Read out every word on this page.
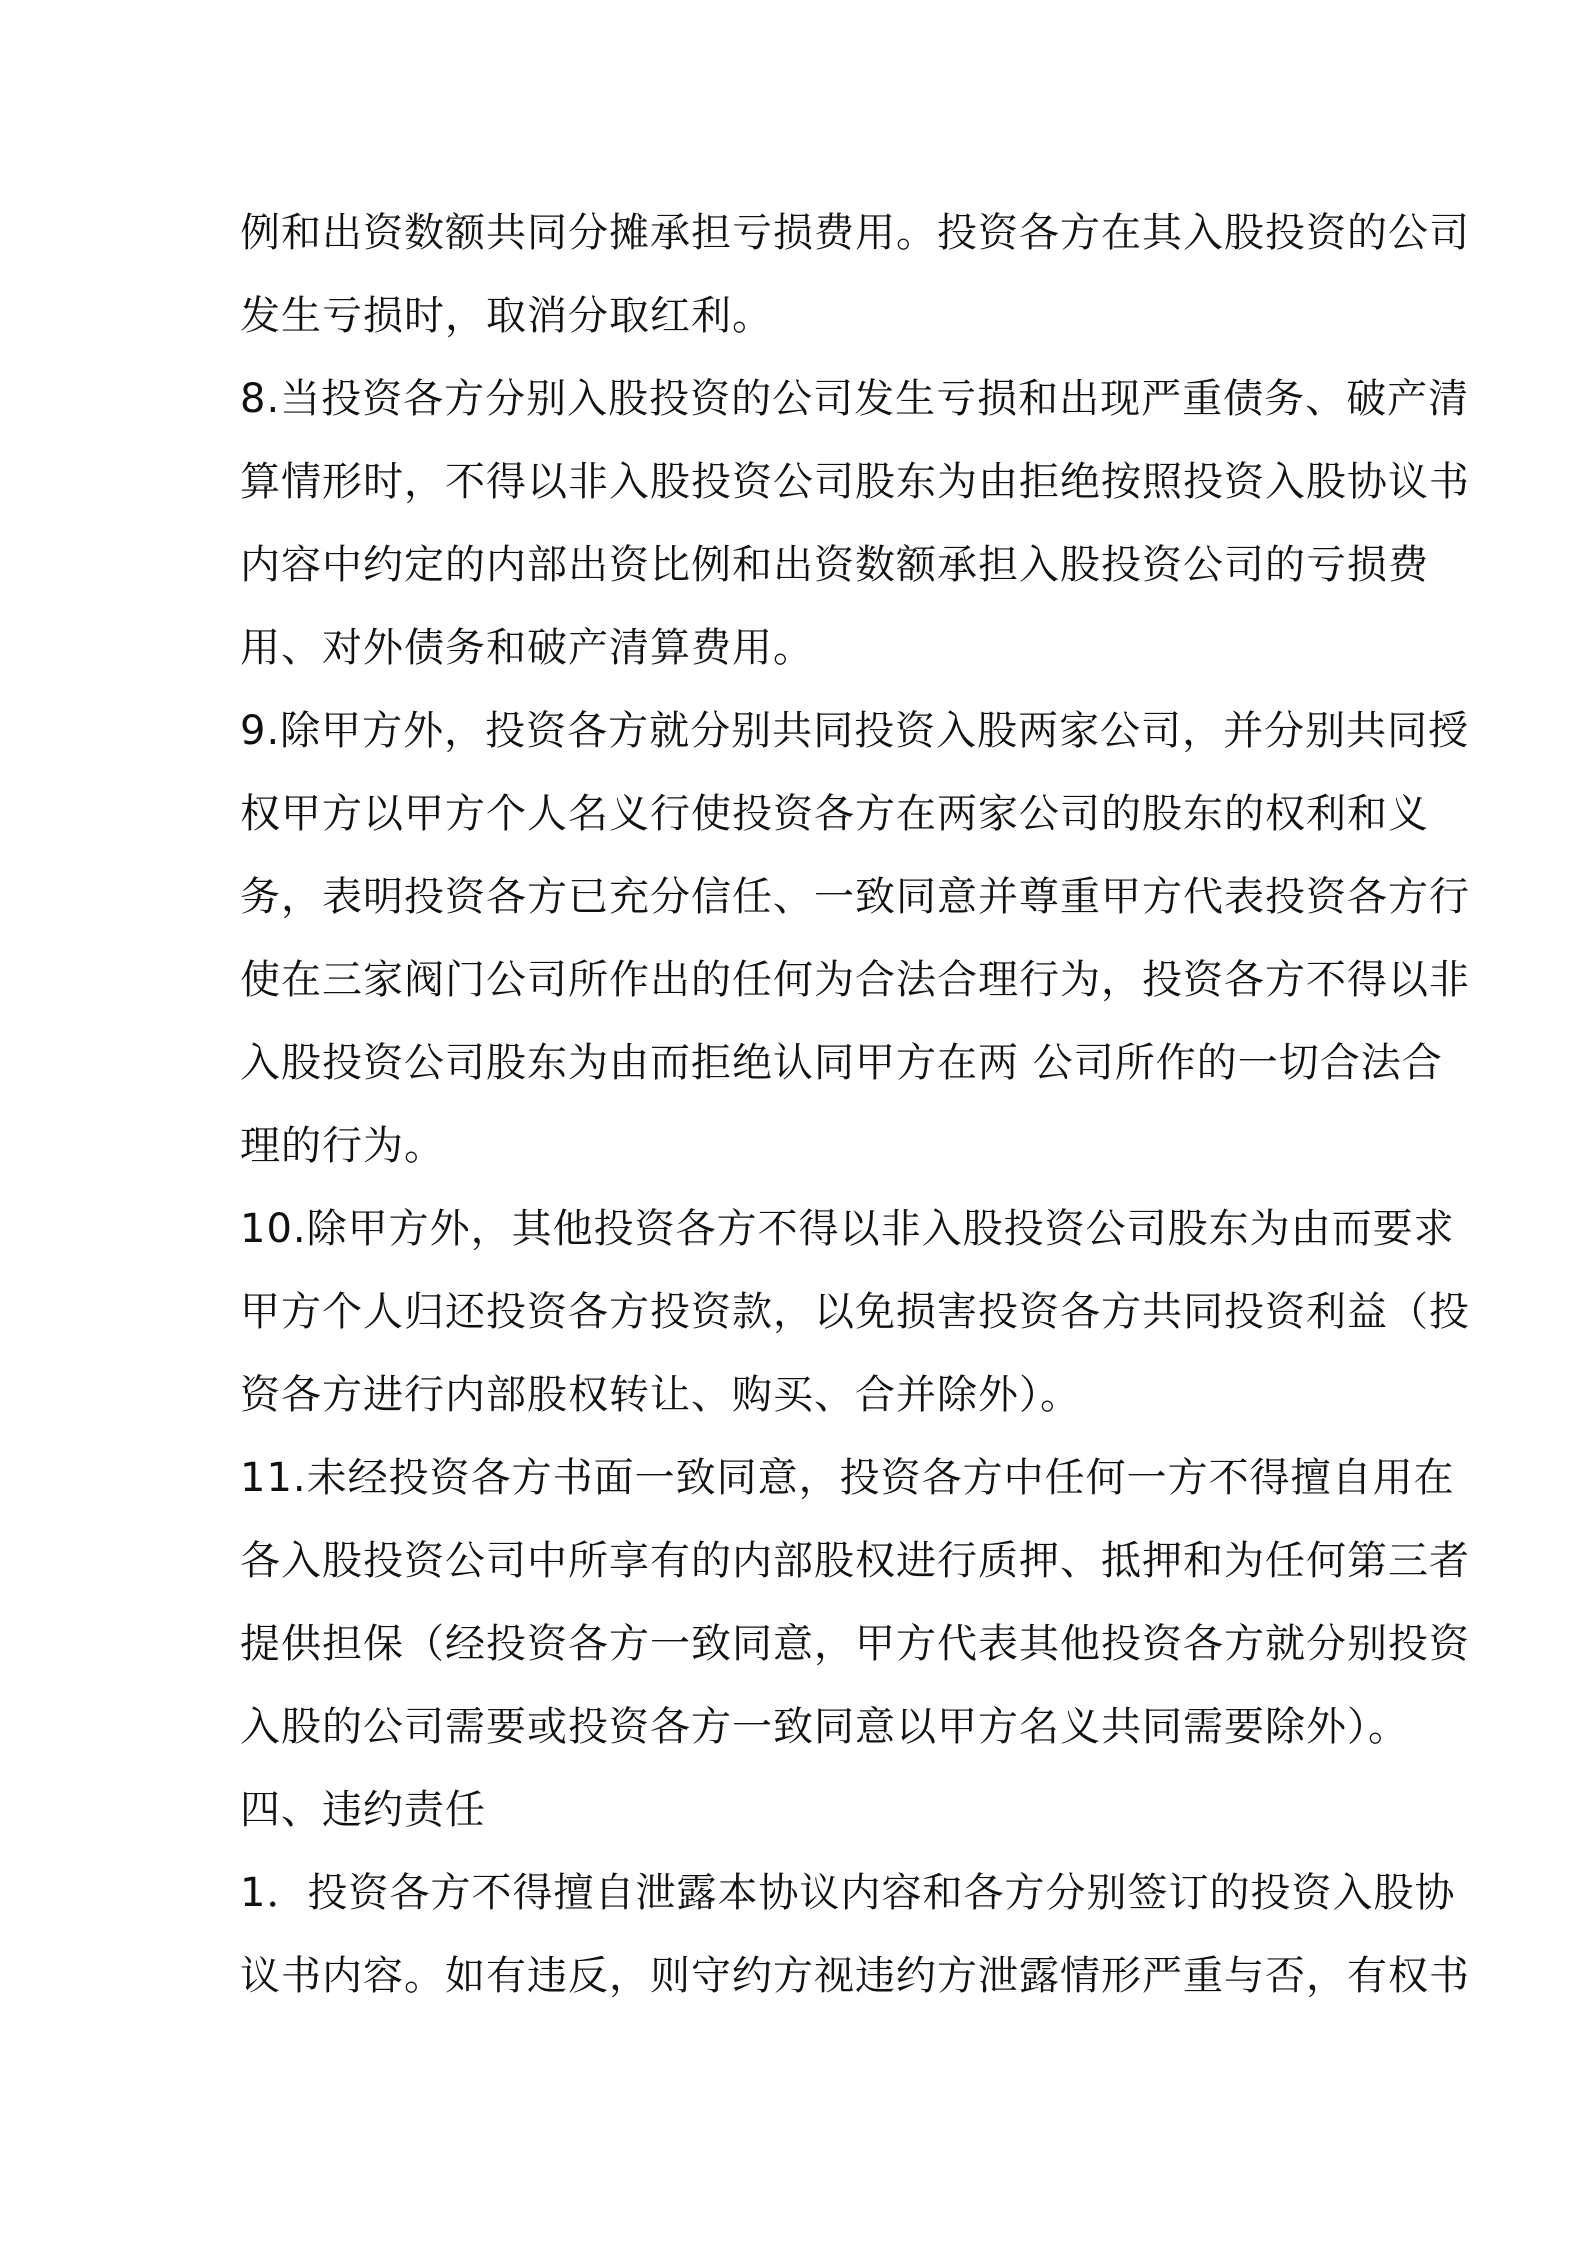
例和出资数额共同分摊承担亏损费用。投资各方在其入股投资的公司
发生亏损时，取消分取红利。
8.当投资各方分别入股投资的公司发生亏损和出现严重债务、破产清
算情形时，不得以非入股投资公司股东为由拒绝按照投资入股协议书
内容中约定的内部出资比例和出资数额承担入股投资公司的亏损费
用、对外债务和破产清算费用。
9.除甲方外，投资各方就分别共同投资入股两家公司，并分别共同授
权甲方以甲方个人名义行使投资各方在两家公司的股东的权利和义
务，表明投资各方已充分信任、一致同意并尊重甲方代表投资各方行
使在三家阀门公司所作出的任何为合法合理行为，投资各方不得以非
入股投资公司股东为由而拒绝认同甲方在两 公司所作的一切合法合
理的行为。
10.除甲方外，其他投资各方不得以非入股投资公司股东为由而要求
甲方个人归还投资各方投资款，以免损害投资各方共同投资利益（投
资各方进行内部股权转让、购买、合并除外）。
11.未经投资各方书面一致同意，投资各方中任何一方不得擅自用在
各入股投资公司中所享有的内部股权进行质押、抵押和为任何第三者
提供担保（经投资各方一致同意，甲方代表其他投资各方就分别投资
入股的公司需要或投资各方一致同意以甲方名义共同需要除外）。
四、违约责任
1．投资各方不得擅自泄露本协议内容和各方分别签订的投资入股协
议书内容。如有违反，则守约方视违约方泄露情形严重与否，有权书
